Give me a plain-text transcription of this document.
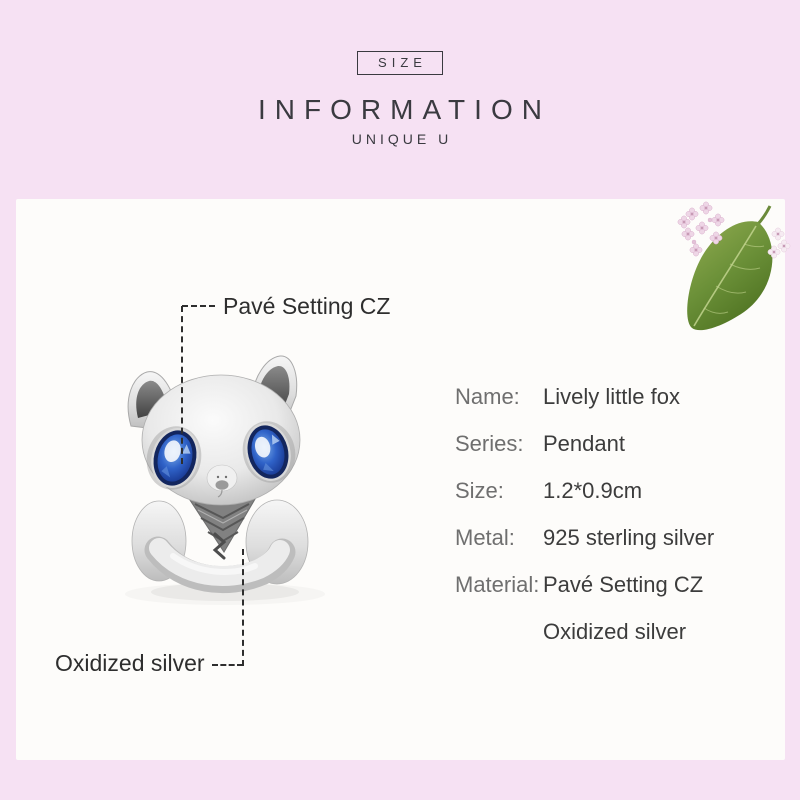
SIZE
INFORMATION
UNIQUE U
Pavé Setting CZ
Oxidized silver
Name:	Lively little fox
Series: Pendant
Size:	1.2*0.9cm
Metal:	925 sterling silver
Material: Pavé Setting CZ
Oxidized silver
